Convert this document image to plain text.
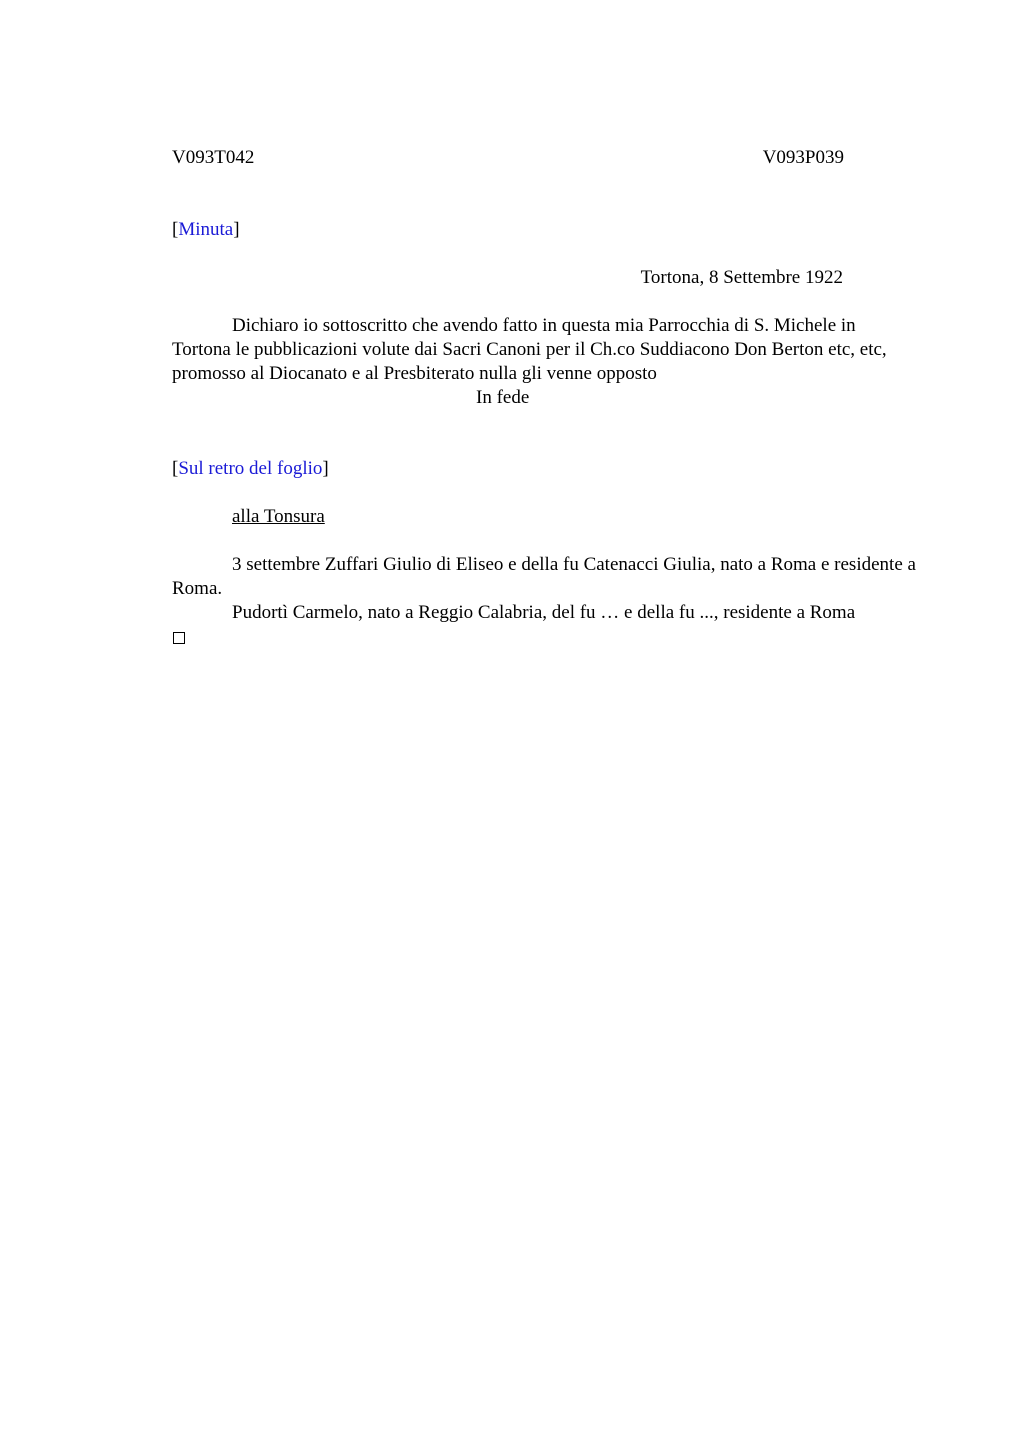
V093T042	V093P039

[Minuta]

Tortona, 8 Settembre 1922

Dichiaro io sottoscritto che avendo fatto in questa mia Parrocchia di S. Michele in Tortona le pubblicazioni volute dai Sacri Canoni per il Ch.co Suddiacono Don Berton etc, etc, promosso al Diocanato e al Presbiterato nulla gli venne opposto

In fede

[Sul retro del foglio]

alla Tonsura

3 settembre Zuffari Giulio di Eliseo e della fu Catenacci Giulia, nato a Roma e residente a Roma.

Pudortì Carmelo, nato a Reggio Calabria, del fu … e della fu ..., residente a Roma
